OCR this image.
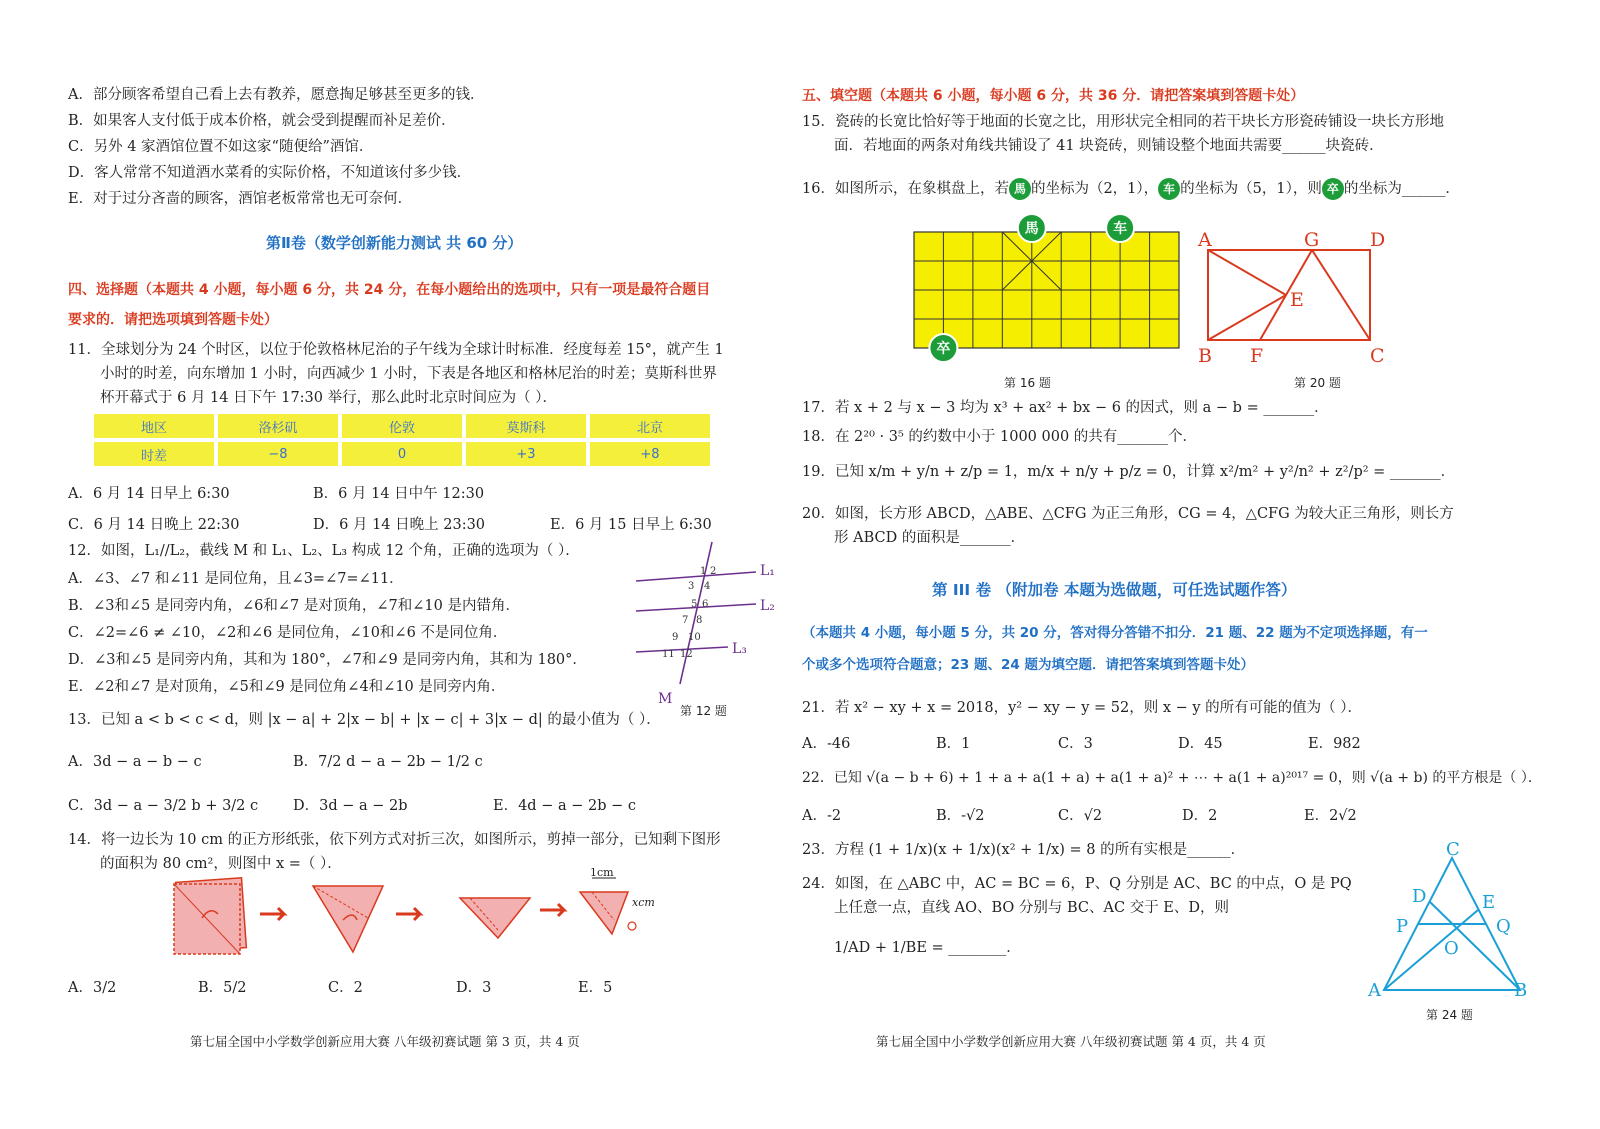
A．部分顾客希望自己看上去有教养，愿意掏足够甚至更多的钱．
B．如果客人支付低于成本价格，就会受到提醒而补足差价．
C．另外 4 家酒馆位置不如这家“随便给”酒馆．
D．客人常常不知道酒水菜肴的实际价格，不知道该付多少钱．
E．对于过分吝啬的顾客，酒馆老板常常也无可奈何．
第Ⅱ卷（数学创新能力测试 共 60 分）
四、选择题（本题共 4 小题，每小题 6 分，共 24 分，在每小题给出的选项中，只有一项是最符合题目
要求的．请把选项填到答题卡处）
11．全球划分为 24 个时区，以位于伦敦格林尼治的子午线为全球计时标准．经度每差 15°，就产生 1
小时的时差，向东增加 1 小时，向西减少 1 小时，下表是各地区和格林尼治的时差；莫斯科世界
杯开幕式于 6 月 14 日下午 17:30 举行，那么此时北京时间应为（ ）．
地区	洛杉矶	伦敦	莫斯科	北京
时差	−8	0	+3	+8
A．6 月 14 日早上 6:30	B．6 月 14 日中午 12:30
C．6 月 14 日晚上 22:30	D．6 月 14 日晚上 23:30	E．6 月 15 日早上 6:30
12．如图，L₁//L₂，截线 M 和 L₁、L₂、L₃ 构成 12 个角，正确的选项为（ ）．
A．∠3、∠7 和∠11 是同位角，且∠3=∠7=∠11．
B．∠3和∠5 是同旁内角，∠6和∠7 是对顶角，∠7和∠10 是内错角．
C．∠2=∠6 ≠ ∠10，∠2和∠6 是同位角，∠10和∠6 不是同位角．
D．∠3和∠5 是同旁内角，其和为 180°，∠7和∠9 是同旁内角，其和为 180°．
E．∠2和∠7 是对顶角，∠5和∠9 是同位角∠4和∠10 是同旁内角．
1 2
3 4
5 6
7 8
9 10
11 12
L₁
L₂
L₃
M
第 12 题
13．已知 a < b < c < d，则 |x − a| + 2|x − b| + |x − c| + 3|x − d| 的最小值为（ ）．
A．3d − a − b − c	B．7/2 d − a − 2b − 1/2 c
C．3d − a − 3/2 b + 3/2 c D．3d − a − 2b	E．4d − a − 2b − c
14．将一边长为 10 cm 的正方形纸张，依下列方式对折三次，如图所示，剪掉一部分，已知剩下图形
的面积为 80 cm²，则图中 x =（ ）．
1cm
xcm
A．3/2	B．5/2	C．2	D．3	E．5
第七届全国中小学数学创新应用大赛 八年级初赛试题 第 3 页，共 4 页
五、填空题（本题共 6 小题，每小题 6 分，共 36 分．请把答案填到答题卡处）
15．瓷砖的长宽比恰好等于地面的长宽之比，用形状完全相同的若干块长方形瓷砖铺设一块长方形地
面．若地面的两条对角线共铺设了 41 块瓷砖，则铺设整个地面共需要______块瓷砖．
16．如图所示，在象棋盘上，若 馬 的坐标为（2，1）， 车 的坐标为（5，1），则 卒 的坐标为______．
馬	车
卒
第 16 题
A	G	D
E
B F	C
第 20 题
17．若 x + 2 与 x − 3 均为 x³ + ax² + bx − 6 的因式，则 a − b = _______．
18．在 2²⁰ · 3⁵ 的约数中小于 1000 000 的共有_______个．
19．已知 x/m + y/n + z/p = 1，m/x + n/y + p/z = 0，计算 x²/m² + y²/n² + z²/p² = _______．
20．如图，长方形 ABCD，△ABE、△CFG 为正三角形，CG = 4，△CFG 为较大正三角形，则长方
形 ABCD 的面积是_______．
第 III 卷 （附加卷 本题为选做题，可任选试题作答）
（本题共 4 小题，每小题 5 分，共 20 分，答对得分答错不扣分．21 题、22 题为不定项选择题，有一
个或多个选项符合题意；23 题、24 题为填空题．请把答案填到答题卡处）
21．若 x² − xy + x = 2018，y² − xy − y = 52，则 x − y 的所有可能的值为（ ）．
A．-46	B．1	C．3	D．45	E．982
22．已知 √(a − b + 6) + 1 + a + a(1 + a) + a(1 + a)² + ⋯ + a(1 + a)²⁰¹⁷ = 0，则 √(a + b) 的平方根是（ ）．
A．-2	B．-√2	C．√2	D．2	E．2√2
23．方程 (1 + 1/x)(x + 1/x)(x² + 1/x) = 8 的所有实根是______．
24．如图，在 △ABC 中，AC = BC = 6，P、Q 分别是 AC、BC 的中点，O 是 PQ
上任意一点，直线 AO、BO 分别与 BC、AC 交于 E、D，则
1/AD + 1/BE = ________．
C
D	E
P	Q
O
A	B
第 24 题
第七届全国中小学数学创新应用大赛 八年级初赛试题 第 4 页，共 4 页
